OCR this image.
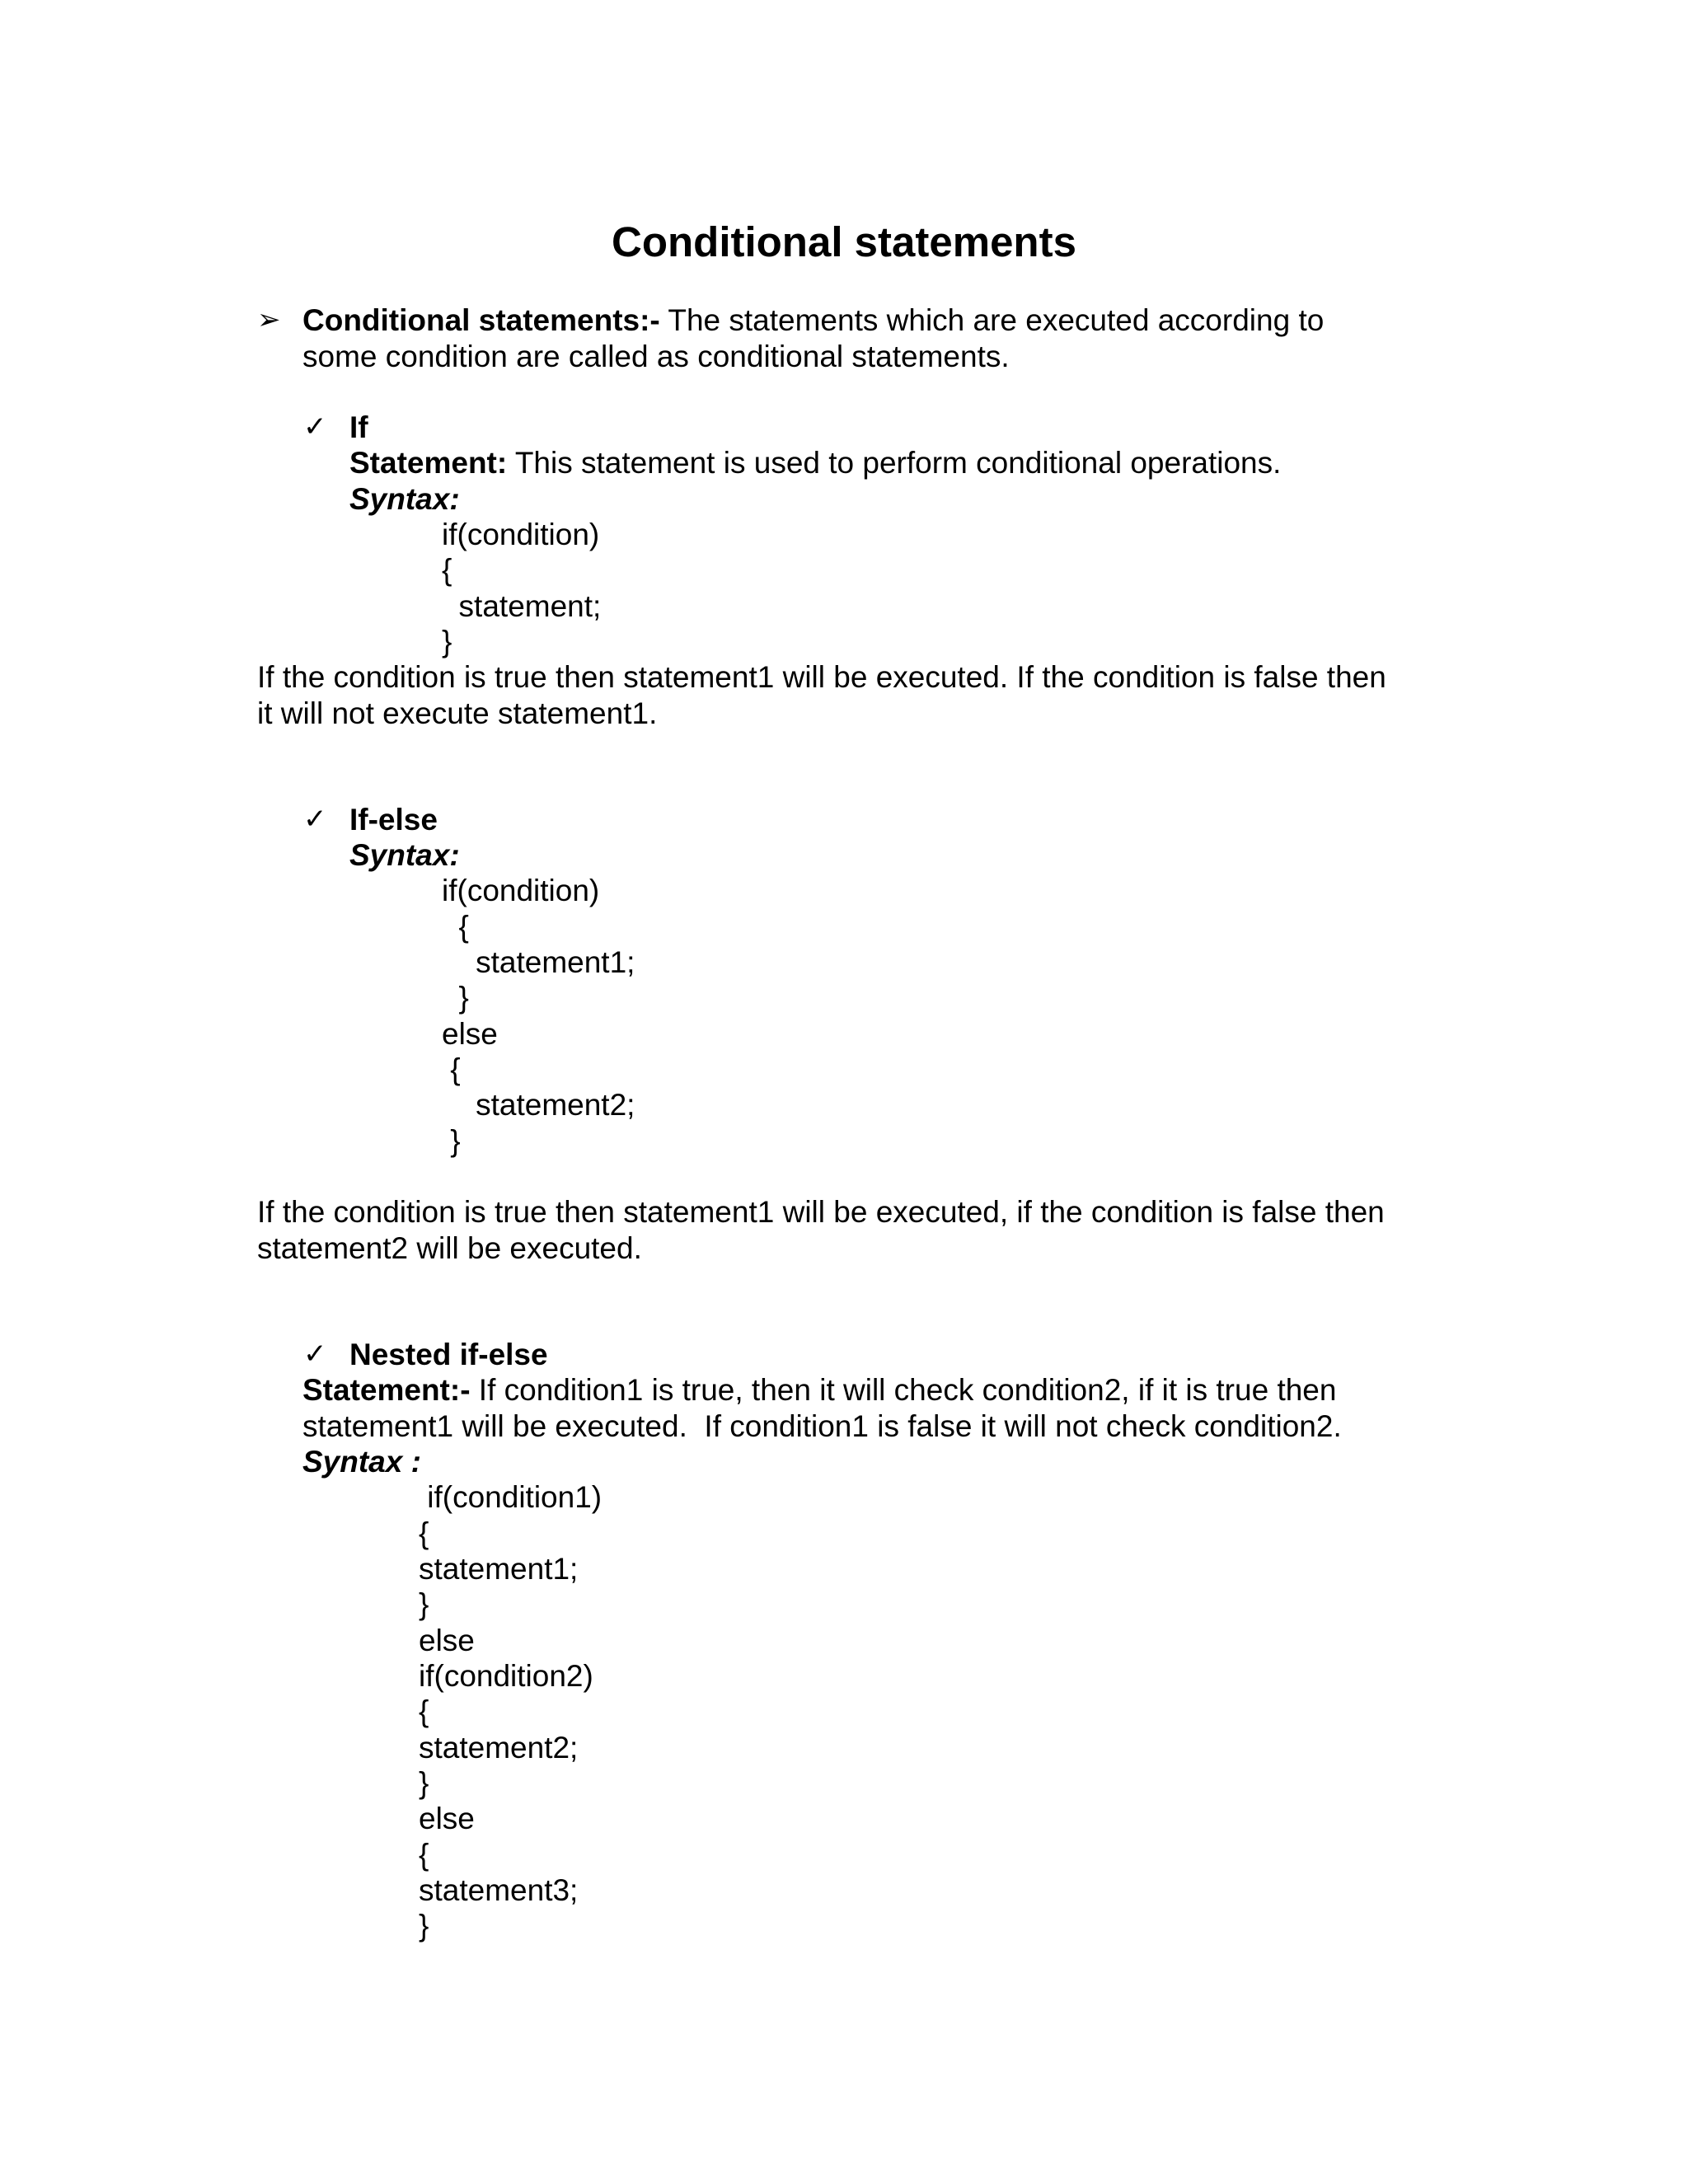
Conditional statements
➢ Conditional statements:- The statements which are executed according to
some condition are called as conditional statements.
✓ If
Statement: This statement is used to perform conditional operations.
Syntax:
if(condition)
{
statement;
}
If the condition is true then statement1 will be executed. If the condition is false then
it will not execute statement1.
✓ If-else
Syntax:
if(condition)
{
statement1;
}
else
{
statement2;
}
If the condition is true then statement1 will be executed, if the condition is false then
statement2 will be executed.
✓ Nested if-else
Statement:- If condition1 is true, then it will check condition2, if it is true then
statement1 will be executed.  If condition1 is false it will not check condition2.
Syntax :
if(condition1)
{
statement1;
}
else
if(condition2)
{
statement2;
}
else
{
statement3;
}
